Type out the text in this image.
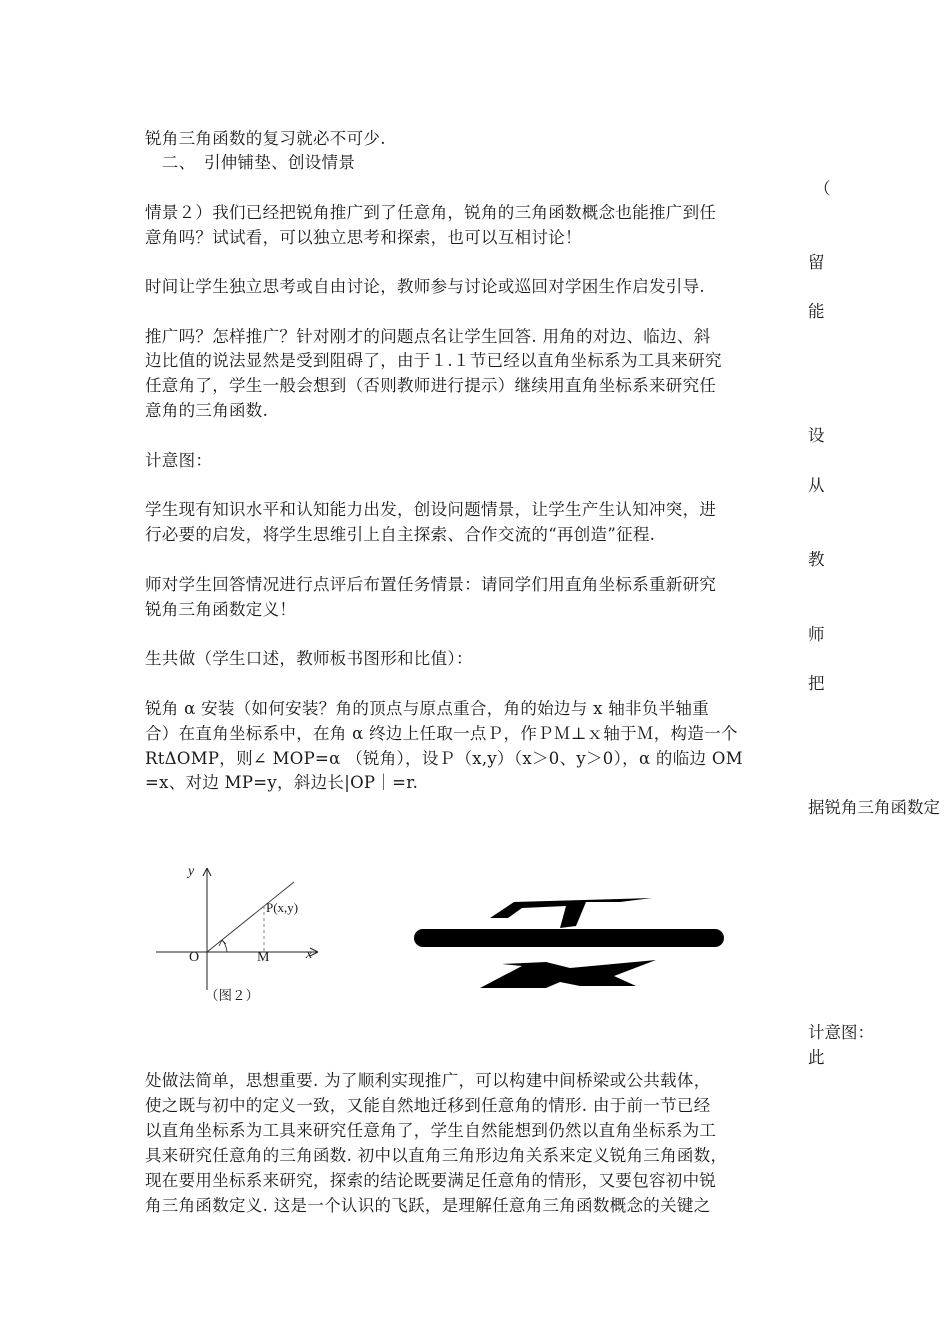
锐角三角函数的复习就必不可少.
　二、　引伸铺垫、创设情景
情景２）我们已经把锐角推广到了任意角，锐角的三角函数概念也能推广到任
意角吗？试试看，可以独立思考和探索，也可以互相讨论！
时间让学生独立思考或自由讨论，教师参与讨论或巡回对学困生作启发引导.
推广吗？怎样推广？针对刚才的问题点名让学生回答. 用角的对边、临边、斜
边比值的说法显然是受到阻碍了，由于１.１节已经以直角坐标系为工具来研究
任意角了，学生一般会想到（否则教师进行提示）继续用直角坐标系来研究任
意角的三角函数.
计意图：
学生现有知识水平和认知能力出发，创设问题情景，让学生产生认知冲突，进
行必要的启发，将学生思维引上自主探索、合作交流的“再创造”征程.
师对学生回答情况进行点评后布置任务情景：请同学们用直角坐标系重新研究
锐角三角函数定义！
生共做（学生口述，教师板书图形和比值）：
锐角 α 安装（如何安装？角的顶点与原点重合，角的始边与 x 轴非负半轴重
合）在直角坐标系中，在角 α 终边上任取一点Ｐ，作ＰＭ⊥ｘ轴于Ｍ，构造一个
RtΔOMP，则∠ MOP=α （锐角），设Ｐ（x,y）（x＞0、y＞0），α 的临边 OM
=x、对边 MP=y，斜边长|OP｜=r.
处做法简单，思想重要. 为了顺利实现推广，可以构建中间桥梁或公共载体，
使之既与初中的定义一致，又能自然地迁移到任意角的情形. 由于前一节已经
以直角坐标系为工具来研究任意角了，学生自然能想到仍然以直角坐标系为工
具来研究任意角的三角函数. 初中以直角三角形边角关系来定义锐角三角函数，
现在要用坐标系来研究，探索的结论既要满足任意角的情形，又要包容初中锐
角三角函数定义. 这是一个认识的飞跃，是理解任意角三角函数概念的关键之
（
留
能
设
从
教
师
把
据锐角三角函数定
计意图：
此
y
x
O	M
P(x,y)
（图２）
